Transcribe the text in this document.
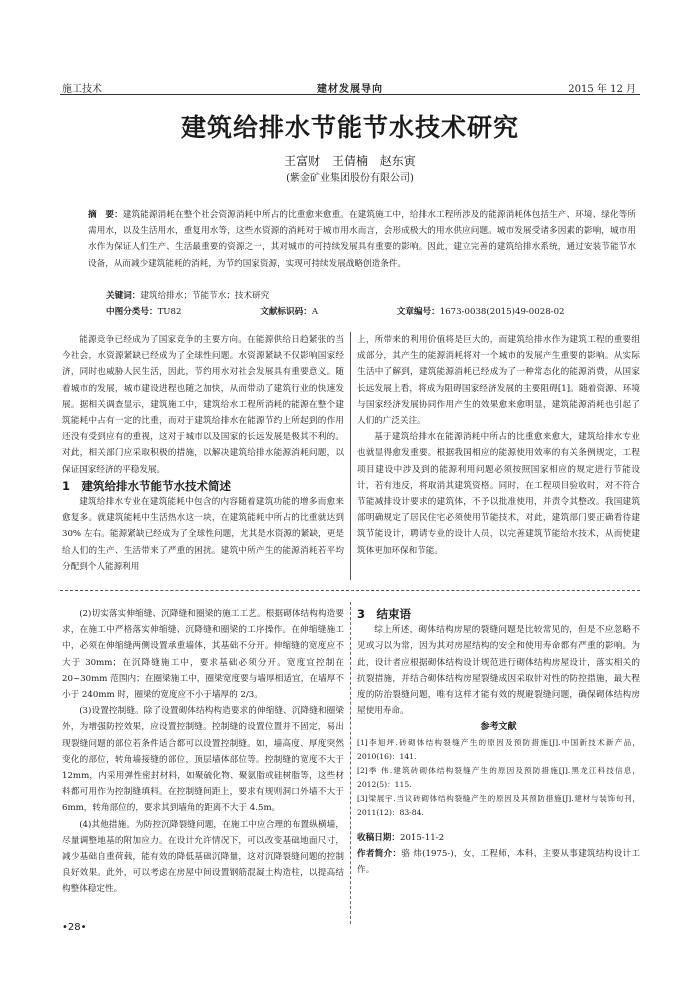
施工技术	建材发展导向	2015 年 12 月
建筑给排水节能节水技术研究
王富财 王倩楠 赵东寅
(紫金矿业集团股份有限公司)
摘　要：建筑能源消耗在整个社会资源消耗中所占的比重愈来愈重。在建筑施工中，给排水工程所涉及的能源消耗体包括生产、环境、绿化等所需用水，以及生活用水，重复用水等，这些水资源的消耗对于城市用水而言，会形成极大的用水供应问题。城市发展受诸多因素的影响，城市用水作为保证人们生产、生活最重要的资源之一，其对城市的可持续发展具有重要的影响。因此，建立完善的建筑给排水系统，通过安装节能节水设备，从而减少建筑能耗的消耗，为节约国家资源，实现可持续发展战略创造条件。
关键词：建筑给排水；节能节水；技术研究
中图分类号：TU82	文献标识码：A	文章编号：1673-0038(2015)49-0028-02

能源竞争已经成为了国家竞争的主要方向。在能源供给日趋紧张的当今社会，水资源紧缺已经成为了全球性问题。水资源紧缺不仅影响国家经济，同时也威胁人民生活，因此，节约用水对社会发展具有重要意义。随着城市的发展，城市建设进程也随之加快，从而带动了建筑行业的快速发展。据相关调查显示，建筑施工中，建筑给水工程所消耗的能源在整个建筑能耗中占有一定的比重，而对于建筑给排水在能源节约上所起到的作用还没有受到应有的重视，这对于城市以及国家的长远发展是极其不利的。对此，相关部门应采取积极的措施，以解决建筑给排水能源消耗问题，以保证国家经济的平稳发展。

1　建筑给排水节能节水技术简述

建筑给排水专业在建筑能耗中包含的内容随着建筑功能的增多而愈来愈复多。就建筑能耗中生活热水这一块，在建筑能耗中所占的比重就达到 30% 左右。能源紧缺已经成为了全球性问题，尤其是水资源的紧缺，更是给人们的生产、生活带来了严重的困扰。建筑中所产生的能源消耗若平均分配到个人能源利用

上，所带来的利用价值将是巨大的，而建筑给排水作为建筑工程的重要组成部分，其产生的能源消耗将对一个城市的发展产生重要的影响。从实际生活中了解到，建筑能源消耗已经成为了一种常态化的能源消费，从国家长远发展上看，将成为阻碍国家经济发展的主要阻碍[1]。随着资源、环境与国家经济发展协同作用产生的效果愈来愈明显，建筑能源消耗也引起了人们的广泛关注。

基于建筑给排水在能源消耗中所占的比重愈来愈大，建筑给排水专业也就显得愈发重要。根据我国相应的能源使用效率的有关条例规定，工程项目建设中涉及到的能源利用问题必须按照国家相应的规定进行节能设计，若有违反，将取消其建筑资格。同时，在工程项目验收时，对不符合节能减排设计要求的建筑体，不予以批准使用，并责令其整改。我国建筑部明确规定了居民住宅必须使用节能技术，对此，建筑部门要正确看待建筑节能设计，聘请专业的设计人员，以完善建筑节能给水技术，从而使建筑体更加环保和节能。

(2)切实落实伸缩缝、沉降缝和圈梁的施工工艺。根据砌体结构构造要求，在施工中严格落实伸缩缝、沉降缝和圈梁的工序操作。在伸缩缝施工中，必须在伸缩缝两侧设置承重墙体，其基础不分开。伸缩缝的宽度应不大于 30mm；在沉降缝施工中，要求基础必须分开。宽度宜控制在 20~30mm 范围内；在圈梁施工中，圈梁宽度要与墙厚相适宜，在墙厚不小于 240mm 时，圈梁的宽度应不小于墙厚的 2/3。

(3)设置控制缝。除了设置砌体结构构造要求的伸缩缝、沉降缝和圈梁外，为增强防控效果，应设置控制缝。控制缝的设置位置并不固定，易出现裂缝问题的部位若条件适合都可以设置控制缝。如，墙高度、厚度突然变化的部位，转角墙接缝的部位，顶层墙体部位等。控制缝的宽度不大于 12mm，内采用弹性密封材料，如聚硫化物、聚氨脂或硅树脂等，这些材料都可用作为控制缝填料。在控制缝间距上，要求有规则洞口外墙不大于 6mm，转角部位的，要求其到墙角的距离不大于 4.5m。

(4)其他措施。为防控沉降裂缝问题，在施工中应合理的布置纵横墙，尽量调整地基的附加应力。在设计允许情况下，可以改变基础地面尺寸，减少基础自重荷载，能有效的降低基础沉降量，这对沉降裂缝问题的控制良好效果。此外，可以考虑在房屋中间设置钢筋混凝土构造柱，以提高结构整体稳定性。

3　结束语

综上所述，砌体结构房屋的裂缝问题是比较常见的，但是不应忽略不见或习以为常，因为其对房屋结构的安全和使用寿命都有严重的影响。为此，设计者应根据砌体结构设计规范进行砌体结构房屋设计，落实相关的抗裂措施，并结合砌体结构房屋裂缝成因采取针对性的防控措施，最大程度的防治裂缝问题，唯有这样才能有效的规避裂缝问题，确保砌体结构房屋使用寿命。

参考文献

[1]李旭坪.砖砌体结构裂缝产生的原因及预防措施[J].中国新技术新产品，2010(16)：141.

[2]季 伟.建筑砖砌体结构裂缝产生的原因及预防措施[J].黑龙江科技信息，2012(5)：115.

[3]梁展宇.当议砖砌体结构裂缝产生的原因及其预防措施[J].建材与装饰旬刊，2011(12)：83-84.

收稿日期：2015-11-2

作者简介：骆 炜(1975-)，女，工程师，本科，主要从事建筑结构设计工作。

•28•
